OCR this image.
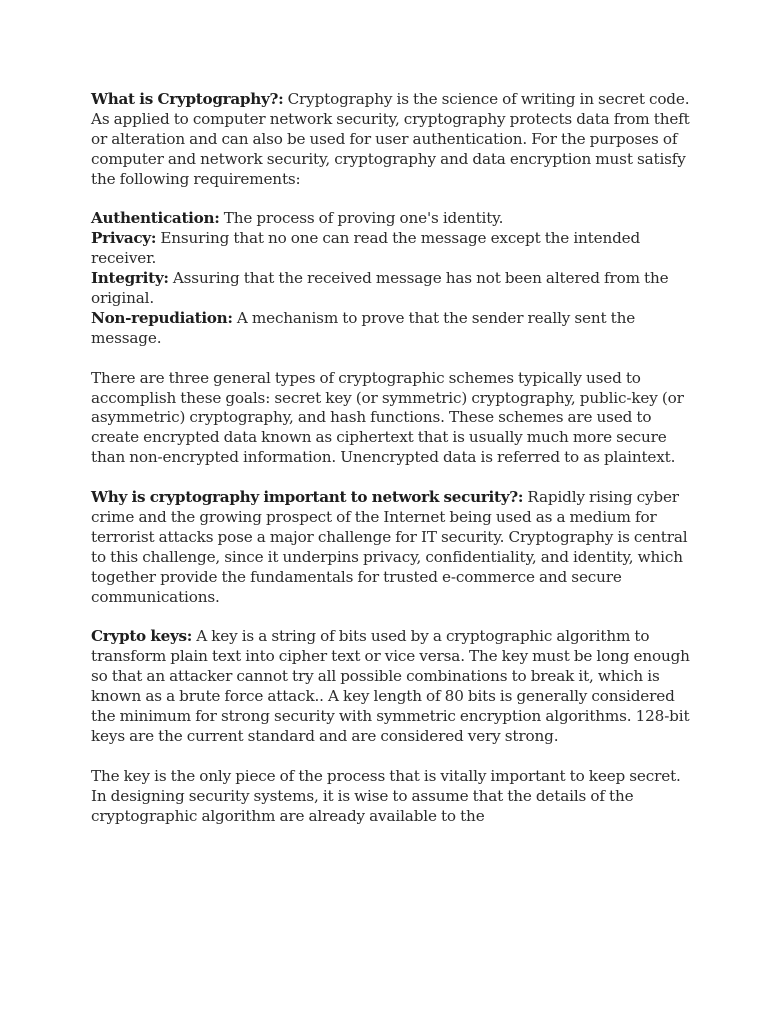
What is Cryptography?: Cryptography is the science of writing in secret code. As applied to computer network security, cryptography protects data from theft or alteration and can also be used for user authentication. For the purposes of computer and network security, cryptography and data encryption must satisfy the following requirements:

Authentication: The process of proving one's identity.
Privacy: Ensuring that no one can read the message except the intended receiver.
Integrity: Assuring that the received message has not been altered from the original.
Non-repudiation: A mechanism to prove that the sender really sent the message.

There are three general types of cryptographic schemes typically used to accomplish these goals: secret key (or symmetric) cryptography, public-key (or asymmetric) cryptography, and hash functions. These schemes are used to create encrypted data known as ciphertext that is usually much more secure than non-encrypted information. Unencrypted data is referred to as plaintext.

Why is cryptography important to network security?: Rapidly rising cyber crime and the growing prospect of the Internet being used as a medium for terrorist attacks pose a major challenge for IT security. Cryptography is central to this challenge, since it underpins privacy, confidentiality, and identity, which together provide the fundamentals for trusted e-commerce and secure communications.

Crypto keys: A key is a string of bits used by a cryptographic algorithm to transform plain text into cipher text or vice versa. The key must be long enough so that an attacker cannot try all possible combinations to break it, which is known as a brute force attack.. A key length of 80 bits is generally considered the minimum for strong security with symmetric encryption algorithms. 128-bit keys are the current standard and are considered very strong.

The key is the only piece of the process that is vitally important to keep secret. In designing security systems, it is wise to assume that the details of the cryptographic algorithm are already available to the
